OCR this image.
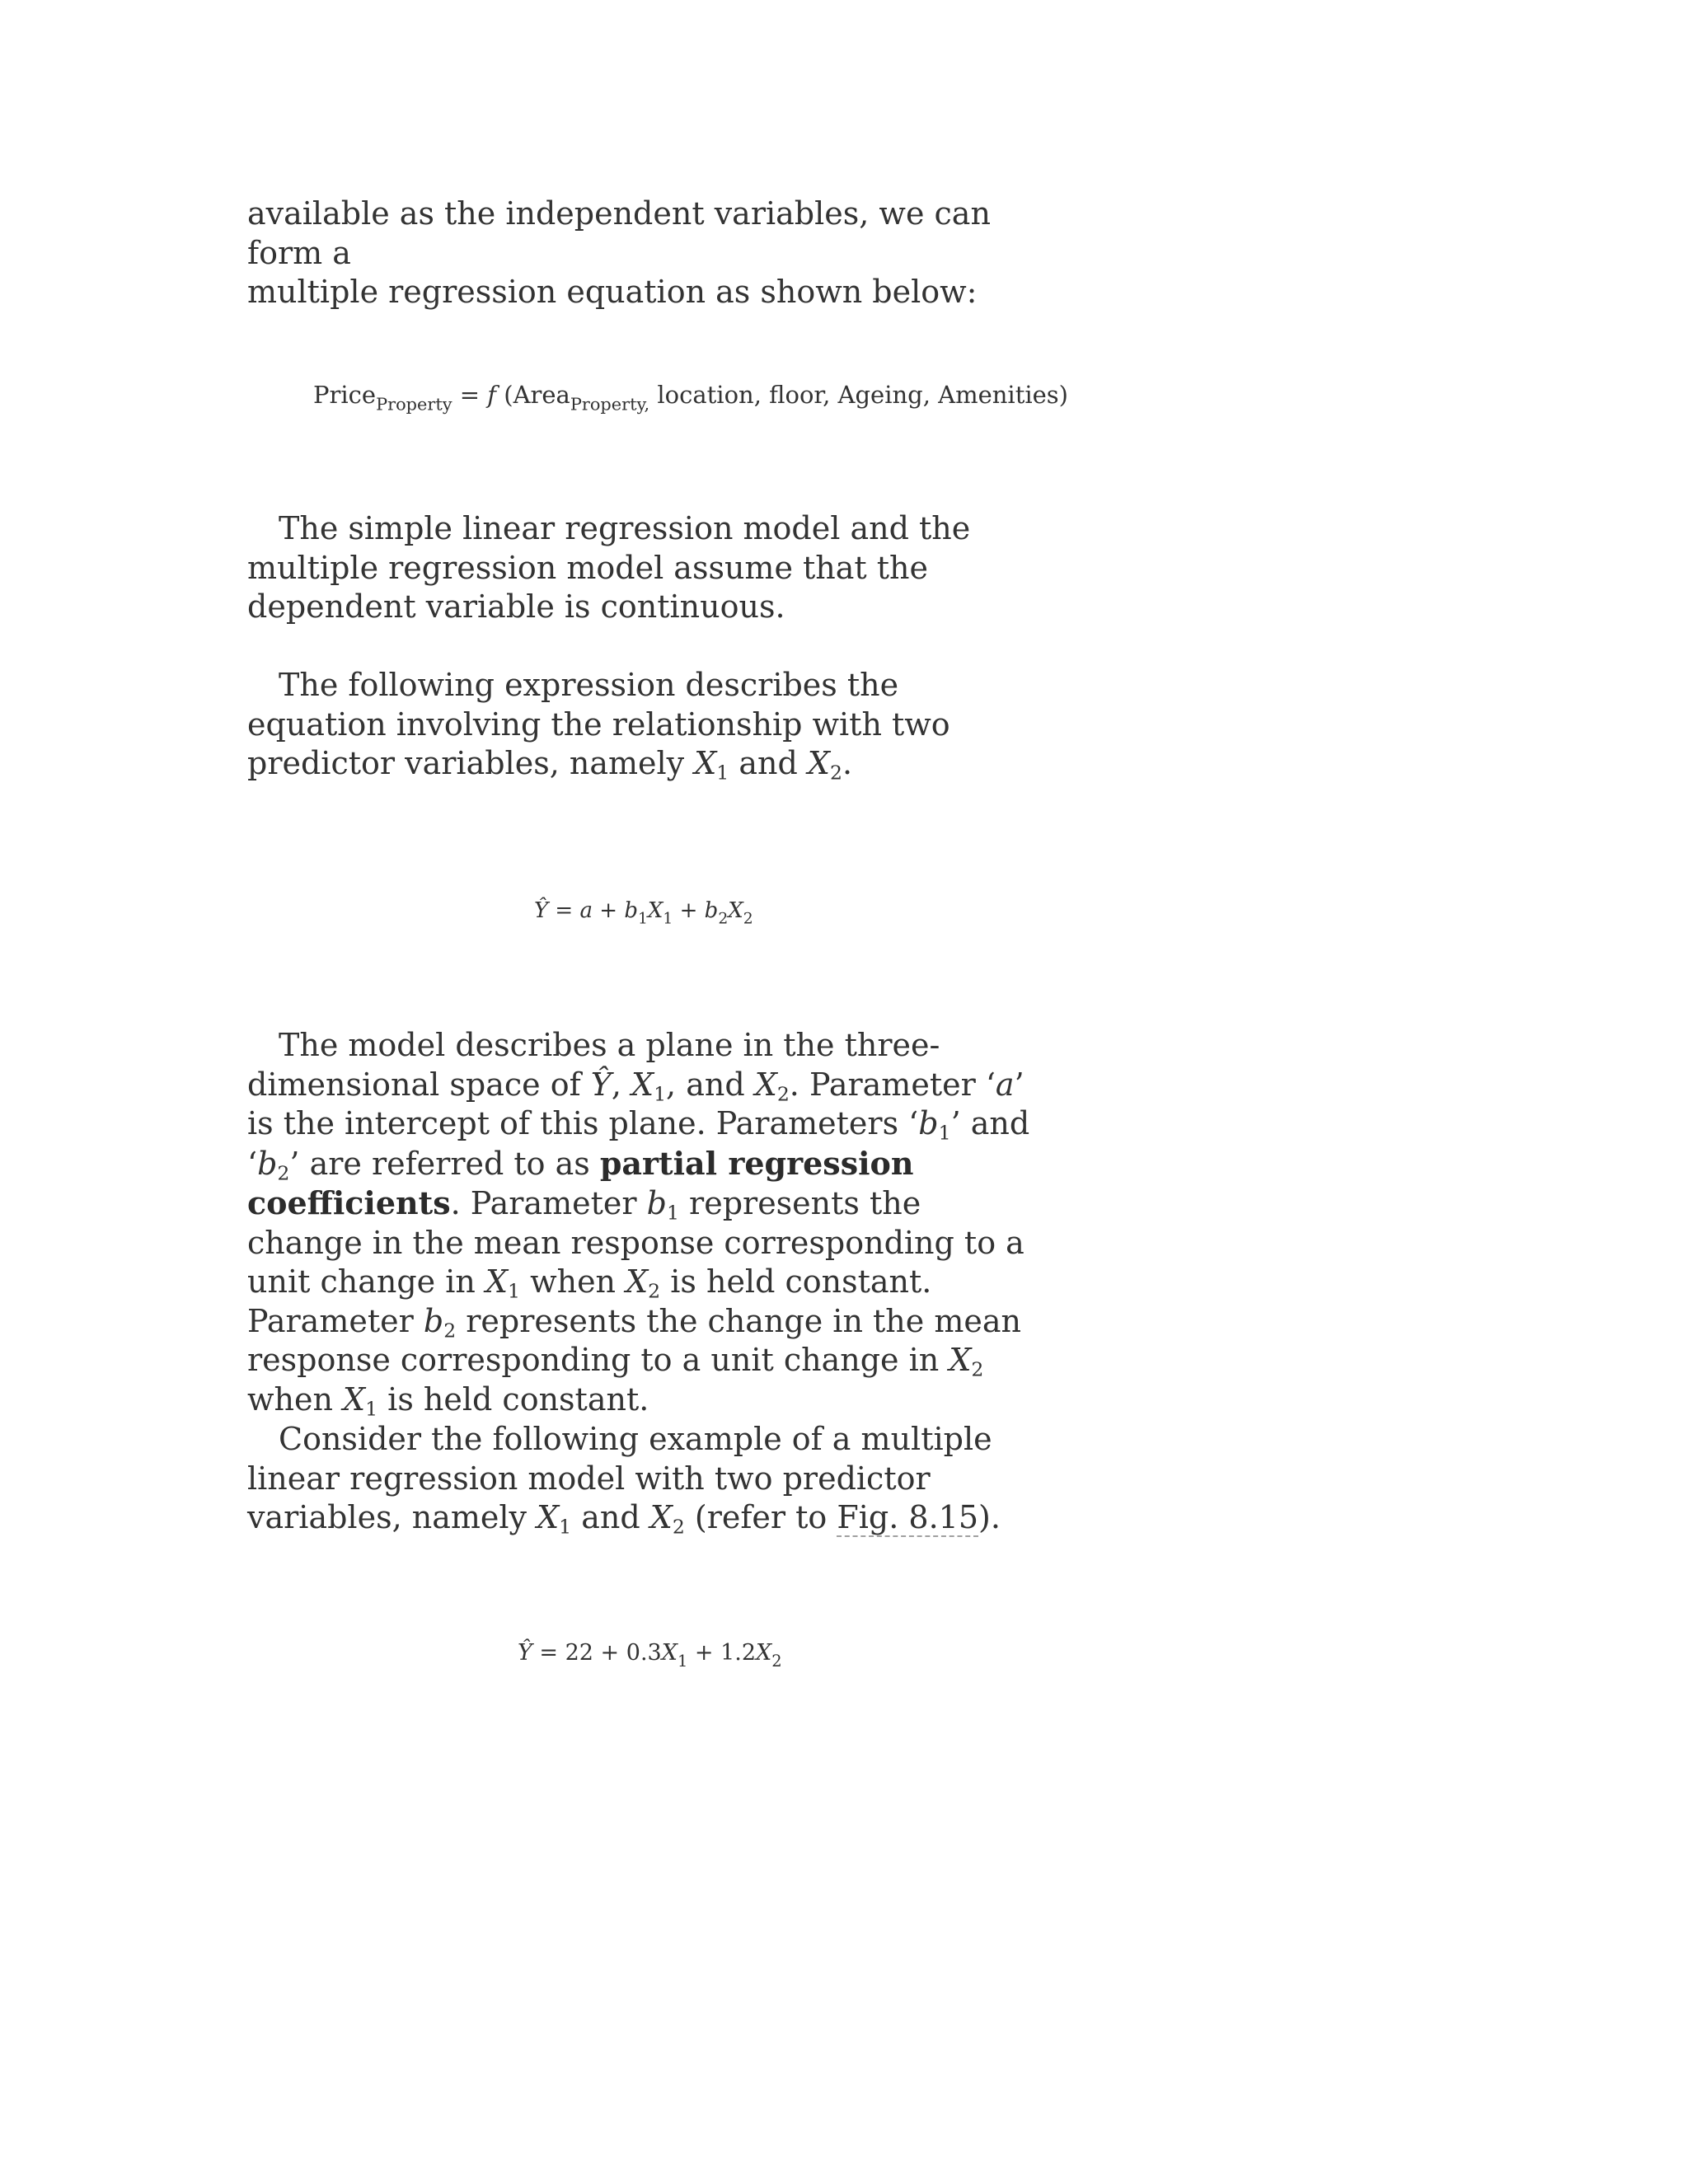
available as the independent variables, we can form a
multiple regression equation as shown below:

Price$_{Property}$ = f (Area$_{Property,}$ location, floor, Ageing, Amenities)

The simple linear regression model and the multiple regression model assume that the dependent variable is continuous.

The following expression describes the equation involving the relationship with two predictor variables, namely $X_1$ and $X_2$.

Ŷ = $a + b_1X_1 + b_2X_2$

The model describes a plane in the three-dimensional space of Ŷ, $X_1$, and $X_2$. Parameter ‘a’ is the intercept of this plane. Parameters ‘$b_1$’ and ‘$b_2$’ are referred to as partial regression coefficients. Parameter $b_1$ represents the change in the mean response corresponding to a unit change in $X_1$ when $X_2$ is held constant. Parameter $b_2$ represents the change in the mean response corresponding to a unit change in $X_2$ when $X_1$ is held constant.

Consider the following example of a multiple linear regression model with two predictor variables, namely $X_1$ and $X_2$ (refer to Fig. 8.15).

Ŷ = $22 + 0.3X_1 + 1.2X_2$
